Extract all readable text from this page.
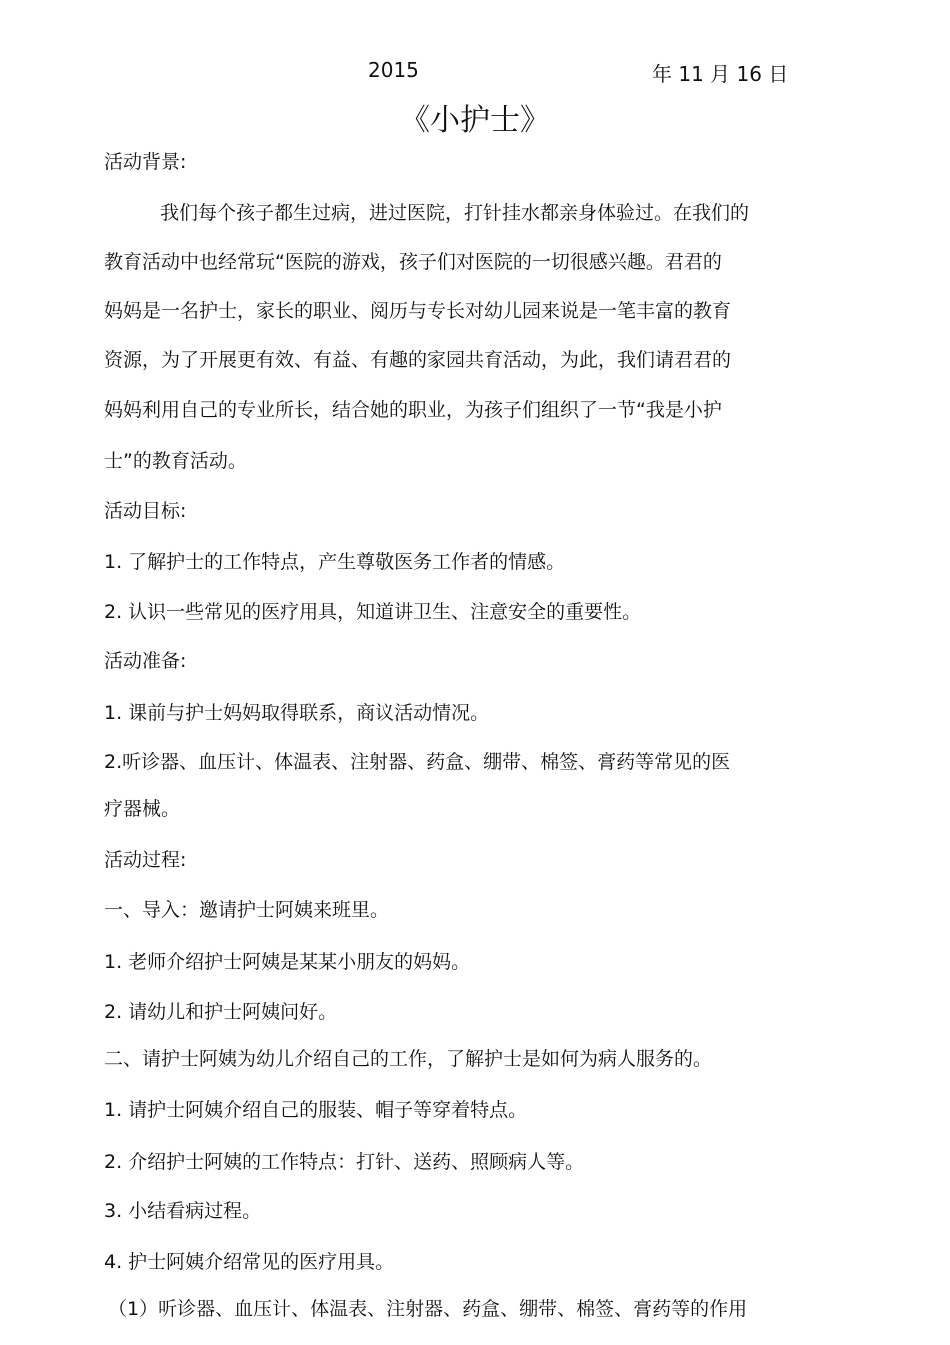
2015	年 11 月 16 日
《小护士》
活动背景:
我们每个孩子都生过病，进过医院，打针挂水都亲身体验过。在我们的
教育活动中也经常玩“医院的游戏，孩子们对医院的一切很感兴趣。君君的
妈妈是一名护士，家长的职业、阅历与专长对幼儿园来说是一笔丰富的教育
资源，为了开展更有效、有益、有趣的家园共育活动，为此，我们请君君的
妈妈利用自己的专业所长，结合她的职业，为孩子们组织了一节“我是小护
士”的教育活动。
活动目标:
1. 了解护士的工作特点，产生尊敬医务工作者的情感。
2. 认识一些常见的医疗用具，知道讲卫生、注意安全的重要性。
活动准备:
1. 课前与护士妈妈取得联系，商议活动情况。
2.听诊器、血压计、体温表、注射器、药盒、绷带、棉签、膏药等常见的医
疗器械。
活动过程:
一、导入：邀请护士阿姨来班里。
1. 老师介绍护士阿姨是某某小朋友的妈妈。
2. 请幼儿和护士阿姨问好。
二、请护士阿姨为幼儿介绍自己的工作，了解护士是如何为病人服务的。
1. 请护士阿姨介绍自己的服装、帽子等穿着特点。
2. 介绍护士阿姨的工作特点：打针、送药、照顾病人等。
3. 小结看病过程。
4. 护士阿姨介绍常见的医疗用具。
（1）听诊器、血压计、体温表、注射器、药盒、绷带、棉签、膏药等的作用
